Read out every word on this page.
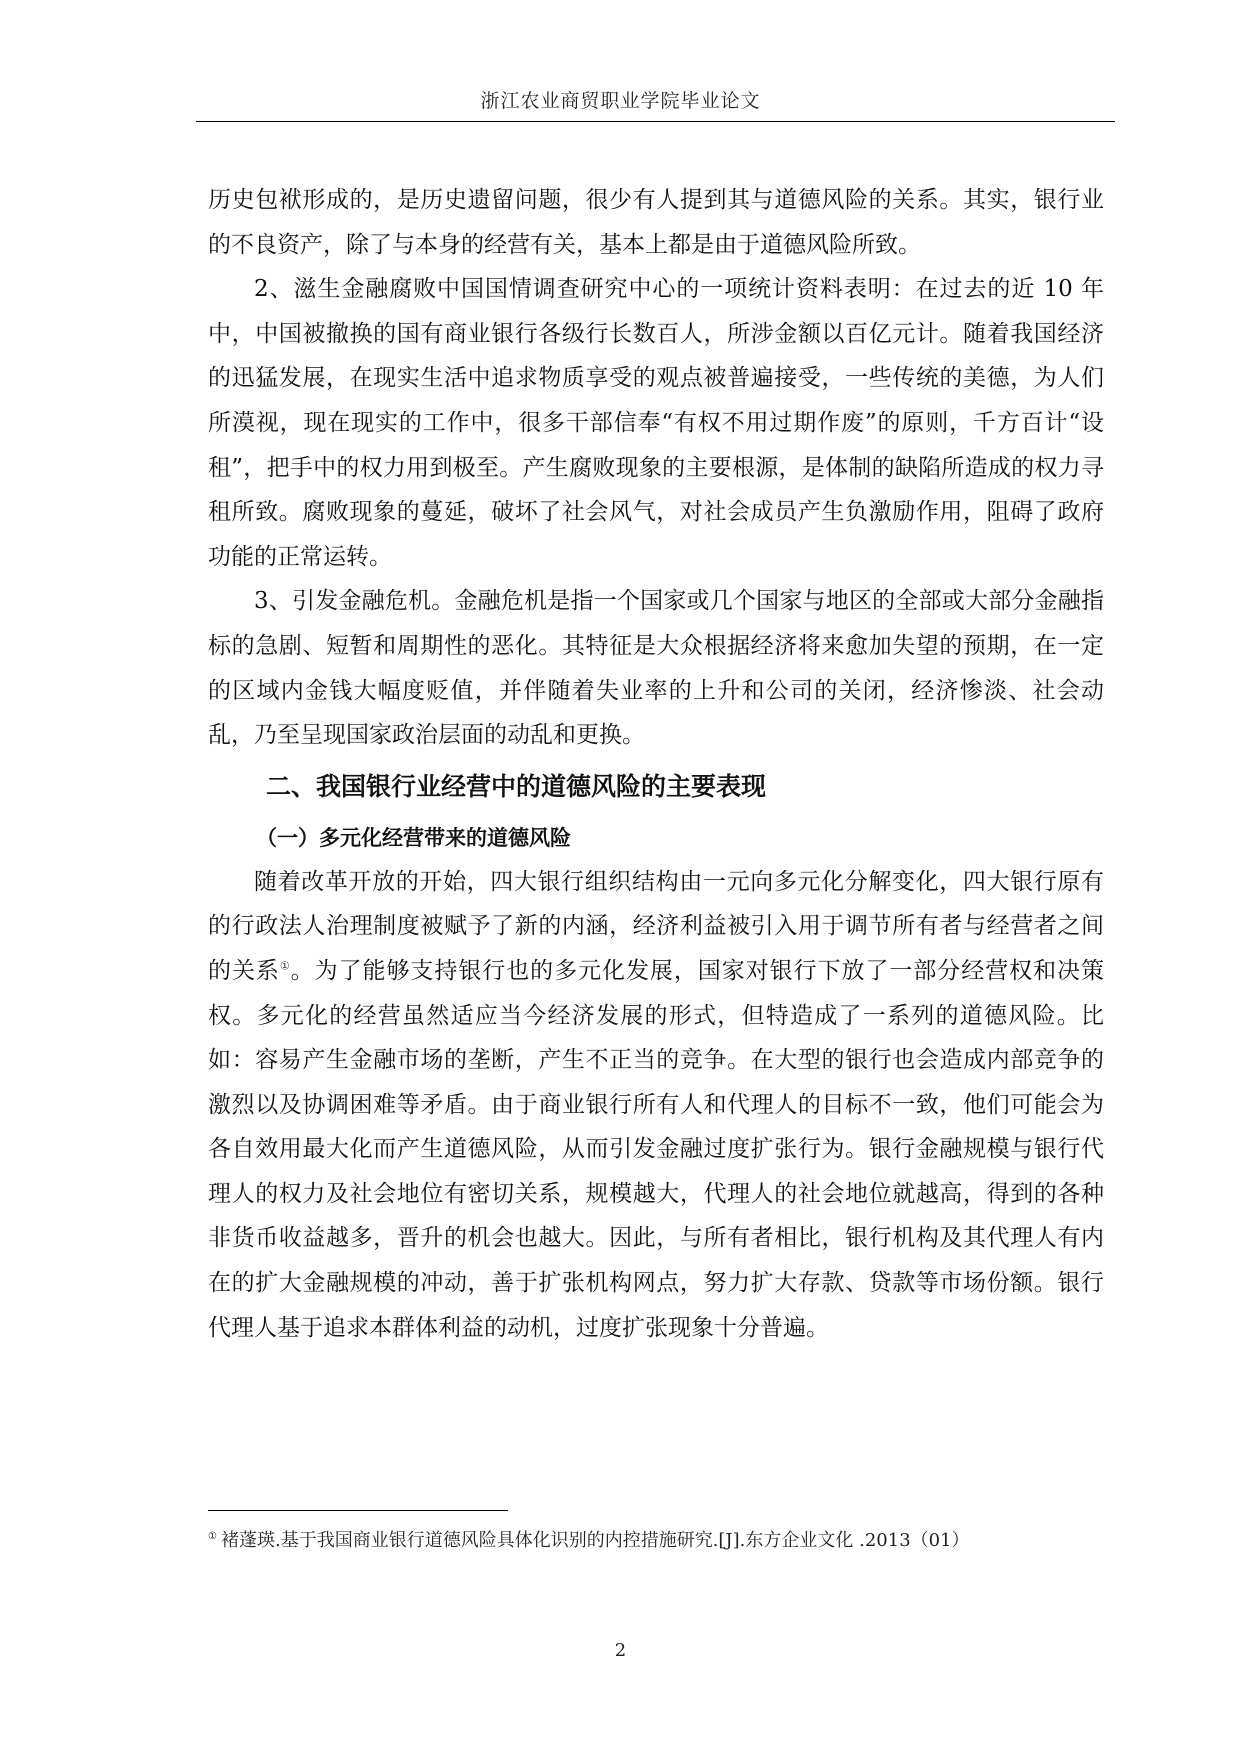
浙江农业商贸职业学院毕业论文

历史包袱形成的，是历史遗留问题，很少有人提到其与道德风险的关系。其实，银行业的不良资产，除了与本身的经营有关，基本上都是由于道德风险所致。

2、滋生金融腐败中国国情调查研究中心的一项统计资料表明：在过去的近 10 年中，中国被撤换的国有商业银行各级行长数百人，所涉金额以百亿元计。随着我国经济的迅猛发展，在现实生活中追求物质享受的观点被普遍接受，一些传统的美德，为人们所漠视，现在现实的工作中，很多干部信奉“有权不用过期作废”的原则，千方百计“设租”，把手中的权力用到极至。产生腐败现象的主要根源，是体制的缺陷所造成的权力寻租所致。腐败现象的蔓延，破坏了社会风气，对社会成员产生负激励作用，阻碍了政府功能的正常运转。

3、引发金融危机。金融危机是指一个国家或几个国家与地区的全部或大部分金融指标的急剧、短暂和周期性的恶化。其特征是大众根据经济将来愈加失望的预期，在一定的区域内金钱大幅度贬值，并伴随着失业率的上升和公司的关闭，经济惨淡、社会动乱，乃至呈现国家政治层面的动乱和更换。

二、我国银行业经营中的道德风险的主要表现
（一）多元化经营带来的道德风险

随着改革开放的开始，四大银行组织结构由一元向多元化分解变化，四大银行原有的行政法人治理制度被赋予了新的内涵，经济利益被引入用于调节所有者与经营者之间的关系①。为了能够支持银行也的多元化发展，国家对银行下放了一部分经营权和决策权。多元化的经营虽然适应当今经济发展的形式，但特造成了一系列的道德风险。比如：容易产生金融市场的垄断，产生不正当的竞争。在大型的银行也会造成内部竞争的激烈以及协调困难等矛盾。由于商业银行所有人和代理人的目标不一致，他们可能会为各自效用最大化而产生道德风险，从而引发金融过度扩张行为。银行金融规模与银行代理人的权力及社会地位有密切关系，规模越大，代理人的社会地位就越高，得到的各种非货币收益越多，晋升的机会也越大。因此，与所有者相比，银行机构及其代理人有内在的扩大金融规模的冲动，善于扩张机构网点，努力扩大存款、贷款等市场份额。银行代理人基于追求本群体利益的动机，过度扩张现象十分普遍。

① 褚蓬瑛.基于我国商业银行道德风险具体化识别的内控措施研究.[J].东方企业文化 .2013（01）
2
